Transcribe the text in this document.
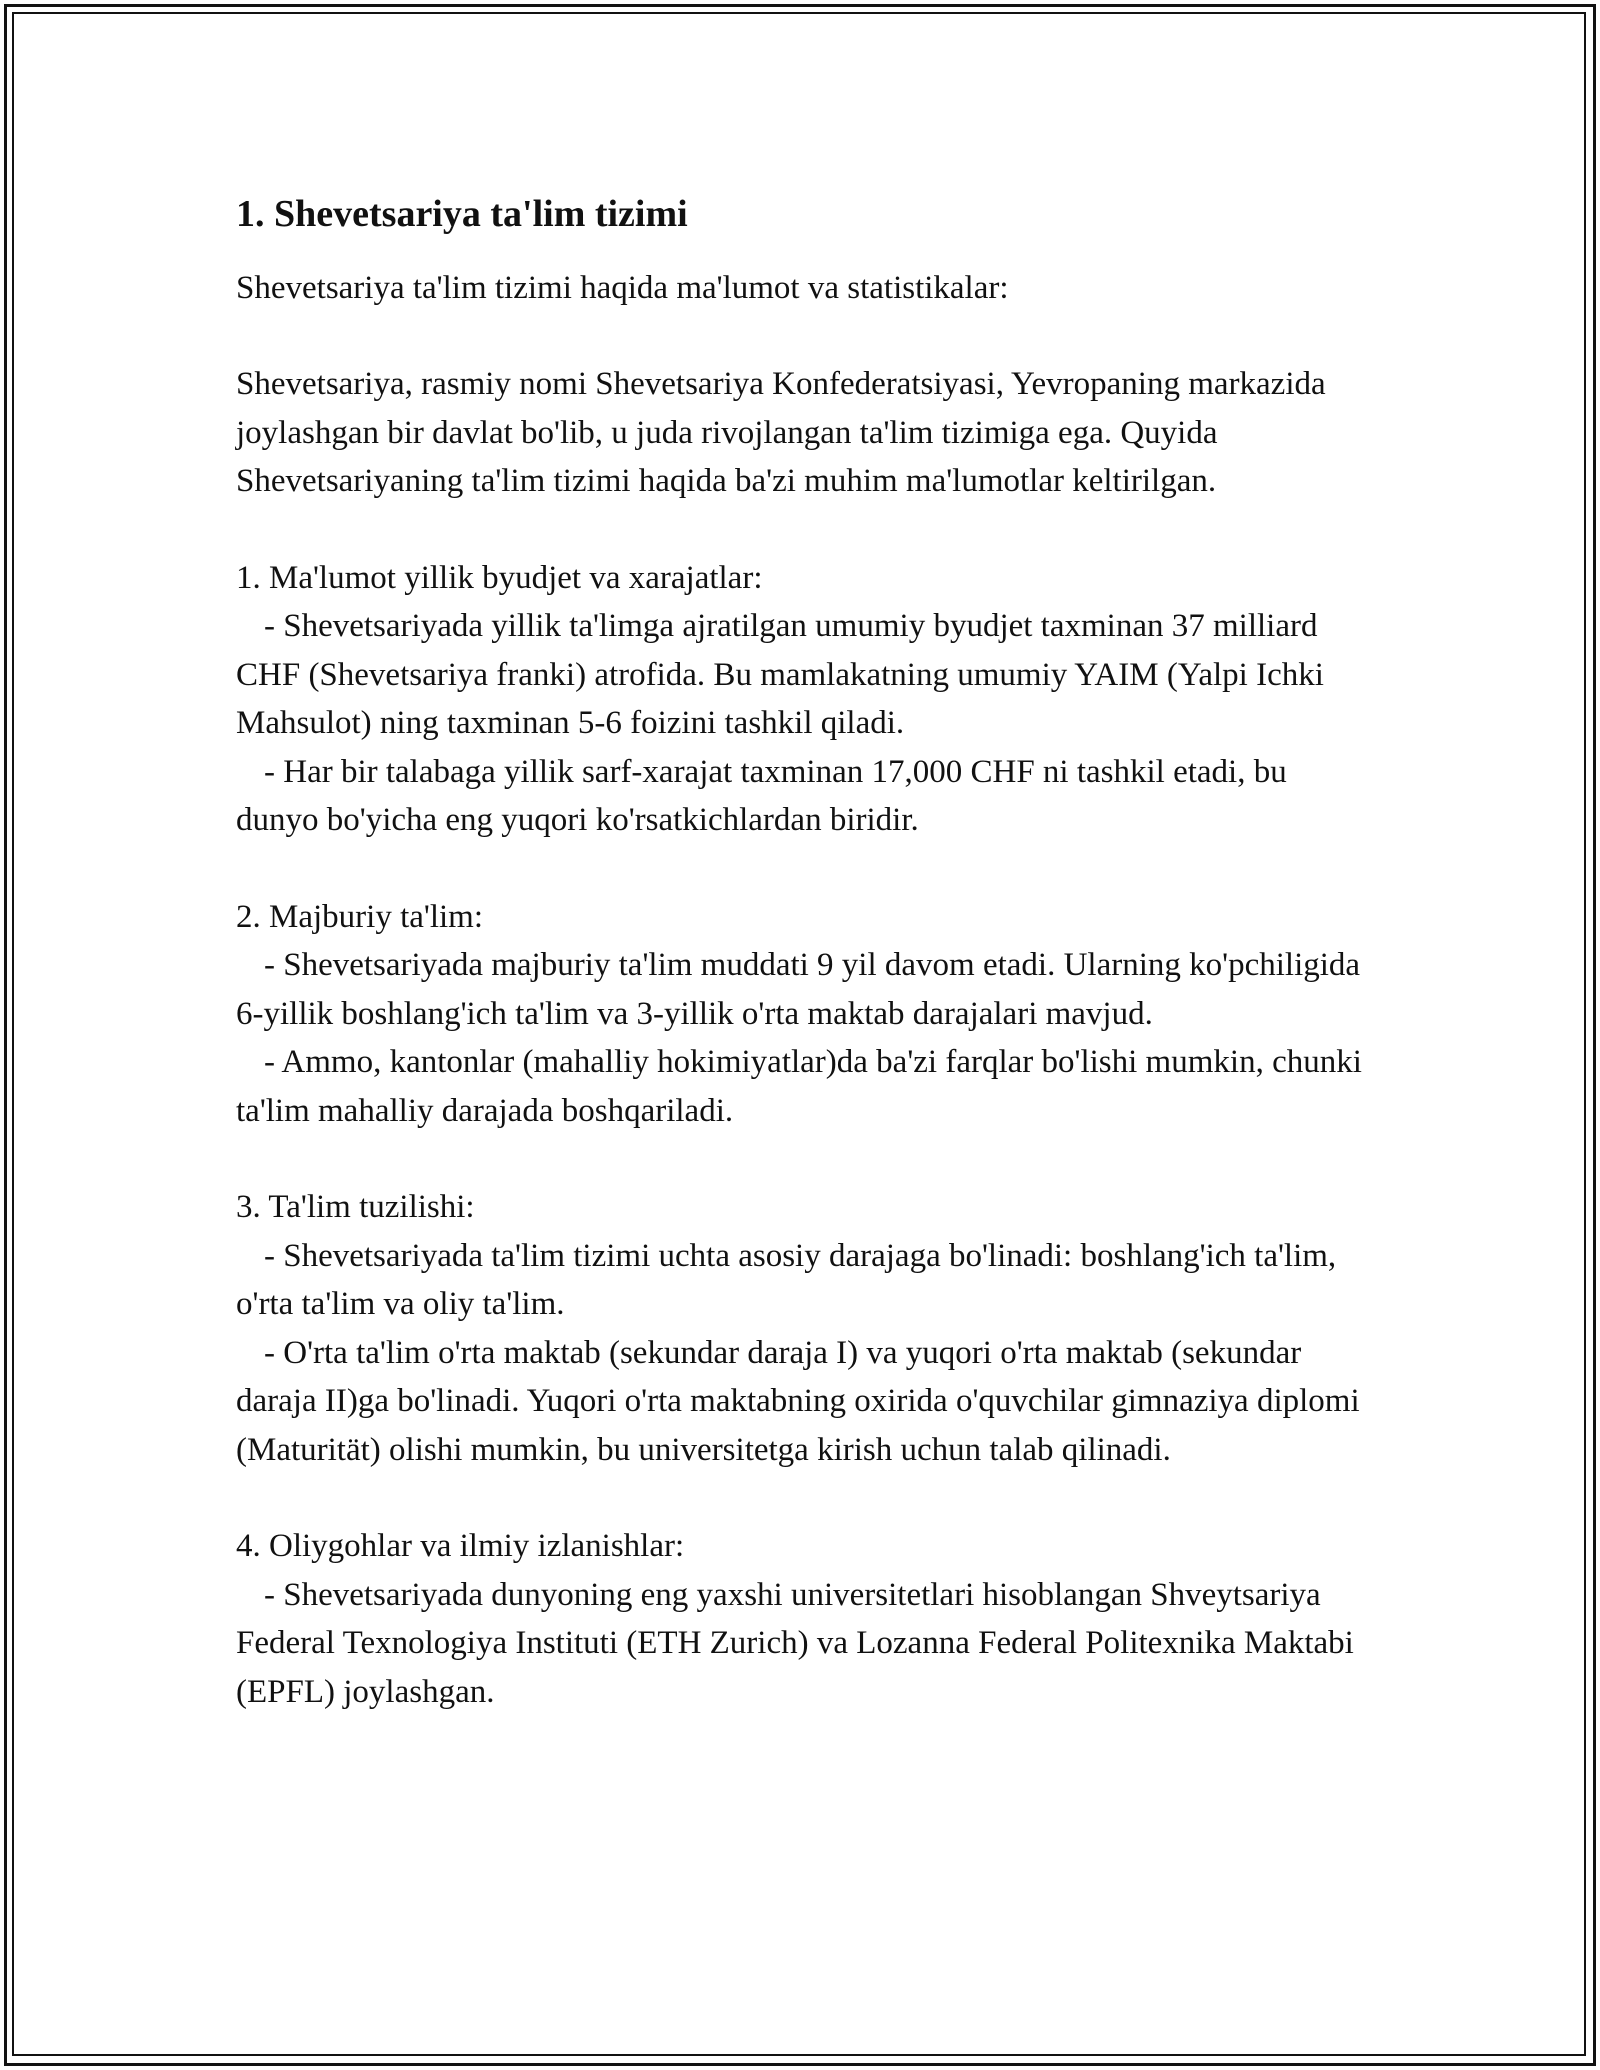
1. Shevetsariya ta'lim tizimi

Shevetsariya ta'lim tizimi haqida ma'lumot va statistikalar:

Shevetsariya, rasmiy nomi Shevetsariya Konfederatsiyasi, Yevropaning markazida joylashgan bir davlat bo'lib, u juda rivojlangan ta'lim tizimiga ega. Quyida Shevetsariyaning ta'lim tizimi haqida ba'zi muhim ma'lumotlar keltirilgan.

1. Ma'lumot yillik byudjet va xarajatlar:

- Shevetsariyada yillik ta'limga ajratilgan umumiy byudjet taxminan 37 milliard CHF (Shevetsariya franki) atrofida. Bu mamlakatning umumiy YAIM (Yalpi Ichki Mahsulot) ning taxminan 5-6 foizini tashkil qiladi.

- Har bir talabaga yillik sarf-xarajat taxminan 17,000 CHF ni tashkil etadi, bu dunyo bo'yicha eng yuqori ko'rsatkichlardan biridir.

2. Majburiy ta'lim:

- Shevetsariyada majburiy ta'lim muddati 9 yil davom etadi. Ularning ko'pchiligida 6-yillik boshlang'ich ta'lim va 3-yillik o'rta maktab darajalari mavjud.

- Ammo, kantonlar (mahalliy hokimiyatlar)da ba'zi farqlar bo'lishi mumkin, chunki ta'lim mahalliy darajada boshqariladi.

3. Ta'lim tuzilishi:

- Shevetsariyada ta'lim tizimi uchta asosiy darajaga bo'linadi: boshlang'ich ta'lim, o'rta ta'lim va oliy ta'lim.

- O'rta ta'lim o'rta maktab (sekundar daraja I) va yuqori o'rta maktab (sekundar daraja II)ga bo'linadi. Yuqori o'rta maktabning oxirida o'quvchilar gimnaziya diplomi (Maturität) olishi mumkin, bu universitetga kirish uchun talab qilinadi.

4. Oliygohlar va ilmiy izlanishlar:

- Shevetsariyada dunyoning eng yaxshi universitetlari hisoblangan Shveytsariya Federal Texnologiya Instituti (ETH Zurich) va Lozanna Federal Politexnika Maktabi (EPFL) joylashgan.
